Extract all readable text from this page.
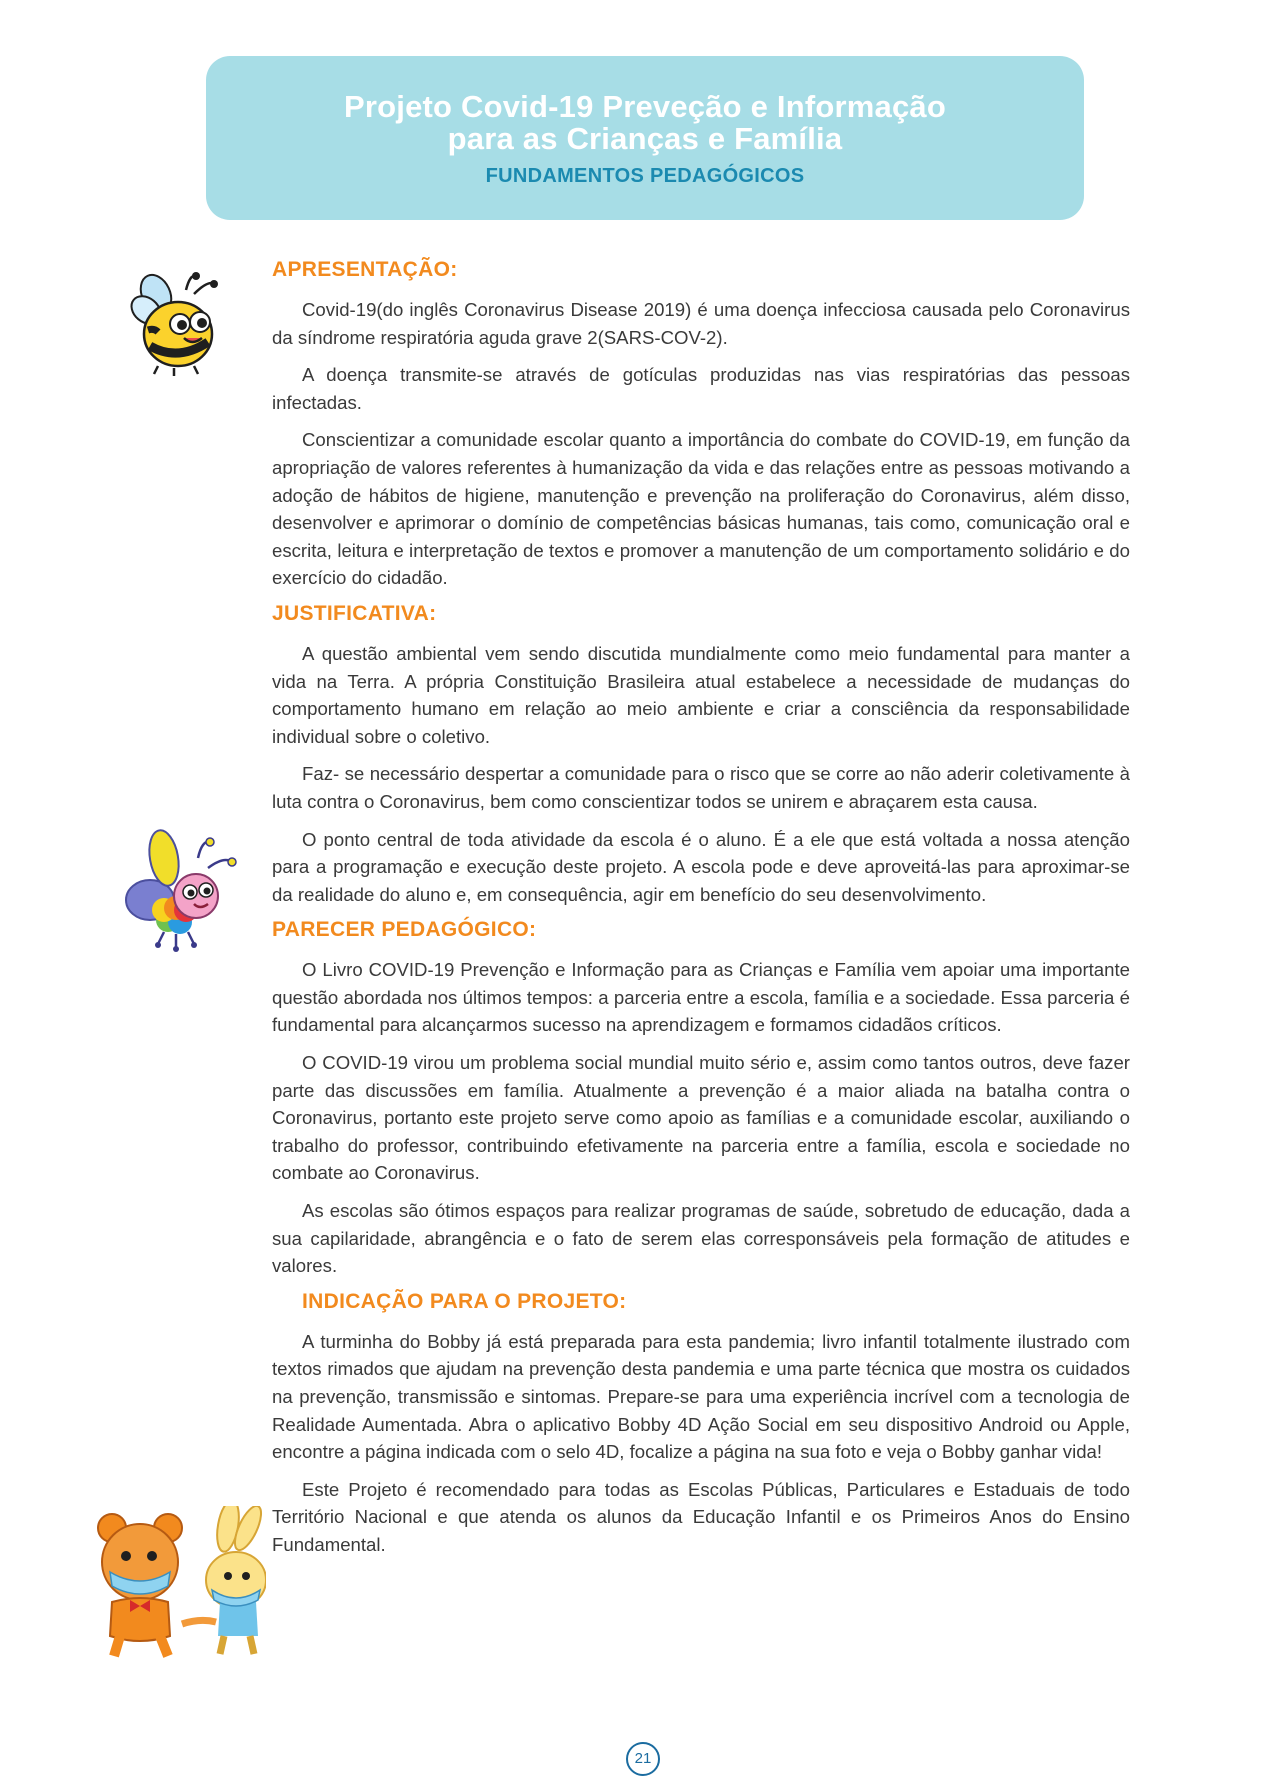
Projeto Covid-19 Preveção e Informação
para as Crianças e Família
FUNDAMENTOS PEDAGÓGICOS
APRESENTAÇÃO:

Covid-19(do inglês Coronavirus Disease 2019) é uma doença infecciosa causada pelo Coronavirus da síndrome respiratória aguda grave 2(SARS-COV-2).

A doença transmite-se através de gotículas produzidas nas vias respiratórias das pessoas infectadas.

Conscientizar a comunidade escolar quanto a importância do combate do COVID-19, em função da apropriação de valores referentes à humanização da vida e das relações entre as pessoas motivando a adoção de hábitos de higiene, manutenção e prevenção na proliferação do Coronavirus, além disso, desenvolver e aprimorar o domínio de competências básicas humanas, tais como, comunicação oral e escrita, leitura e interpretação de textos e promover a manutenção de um comportamento solidário e do exercício do cidadão.

JUSTIFICATIVA:

A questão ambiental vem sendo discutida mundialmente como meio fundamental para manter a vida na Terra. A própria Constituição Brasileira atual estabelece a necessidade de mudanças do comportamento humano em relação ao meio ambiente e criar a consciência da responsabilidade individual sobre o coletivo.

Faz- se necessário despertar a comunidade para o risco que se corre ao não aderir coletivamente à luta contra o Coronavirus, bem como conscientizar todos se unirem e abraçarem esta causa.

O ponto central de toda atividade da escola é o aluno. É a ele que está voltada a nossa atenção para a programação e execução deste projeto. A escola pode e deve aproveitá-las para aproximar-se da realidade do aluno e, em consequência, agir em benefício do seu desenvolvimento.

PARECER PEDAGÓGICO:

O Livro COVID-19 Prevenção e Informação para as Crianças e Família vem apoiar uma importante questão abordada nos últimos tempos: a parceria entre a escola, família e a sociedade. Essa parceria é fundamental para alcançarmos sucesso na aprendizagem e formamos cidadãos críticos.

O COVID-19 virou um problema social mundial muito sério e, assim como tantos outros, deve fazer parte das discussões em família. Atualmente a prevenção é a maior aliada na batalha contra o Coronavirus, portanto este projeto serve como apoio as famílias e a comunidade escolar, auxiliando o trabalho do professor, contribuindo efetivamente na parceria entre a família, escola e sociedade no combate ao Coronavirus.

As escolas são ótimos espaços para realizar programas de saúde, sobretudo de educação, dada a sua capilaridade, abrangência e o fato de serem elas corresponsáveis pela formação de atitudes e valores.

INDICAÇÃO PARA O PROJETO:

A turminha do Bobby já está preparada para esta pandemia; livro infantil totalmente ilustrado com textos rimados que ajudam na prevenção desta pandemia e uma parte técnica que mostra os cuidados na prevenção, transmissão e sintomas. Prepare-se para uma experiência incrível com a tecnologia de Realidade Aumentada. Abra o aplicativo Bobby 4D Ação Social em seu dispositivo Android ou Apple, encontre a página indicada com o selo 4D, focalize a página na sua foto e veja o Bobby ganhar vida!

Este Projeto é recomendado para todas as Escolas Públicas, Particulares e Estaduais de todo Território Nacional e que atenda os alunos da Educação Infantil e os Primeiros Anos do Ensino Fundamental.

21
